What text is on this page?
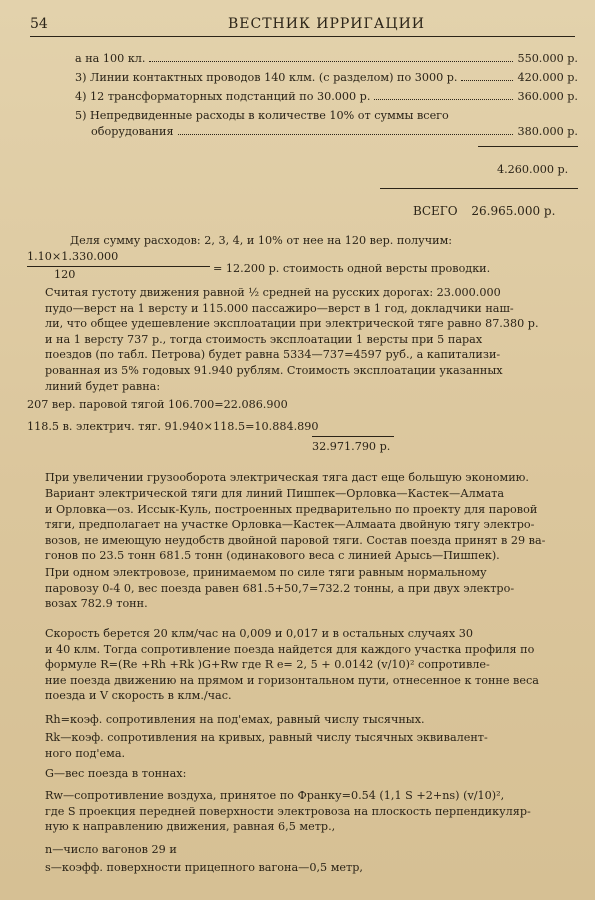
54	ВЕСТНИК ИРРИГАЦИИ
а на 100 кл.	550.000 р.
3) Линии контактных проводов 140 клм. (с разделом) по 3000 р.	420.000 р.
4) 12 трансформаторных подстанций по 30.000 р.	360.000 р.
5) Непредвиденные расходы в количестве 10% от суммы всего
оборудования	380.000 р.
4.260.000 р.
ВСЕГО 26.965.000 р.
Деля сумму расходов: 2, 3, 4, и 10% от нее на 120 вер. получим:
1.10×1.330.000
= 12.200 р. стоимость одной версты проводки.
120
Считая густоту движения равной ½ средней на русских дорогах: 23.000.000
пудо—верст на 1 версту и 115.000 пассажиро—верст в 1 год, докладчики наш-
ли, что общее удешевление эксплоатации при электрической тяге равно 87.380 р.
и на 1 версту 737 р., тогда стоимость эксплоатации 1 версты при 5 парах
поездов (по табл. Петрова) будет равна 5334—737=4597 руб., а капитализи-
рованная из 5% годовых 91.940 рублям. Стоимость эксплоатации указанных
линий будет равна:
207 вер. паровой тягой 106.700=22.086.900
118.5 в. электрич. тяг. 91.940×118.5=10.884.890
32.971.790 р.
При увеличении грузооборота электрическая тяга даст еще большую экономию.
Вариант электрической тяги для линий Пишпек—Орловка—Кастек—Алмата
и Орловка—оз. Иссык-Куль, построенных предварительно по проекту для паровой
тяги, предполагает на участке Орловка—Кастек—Алмаата двойную тягу электро-
возов, не имеющую неудобств двойной паровой тяги. Состав поезда принят в 29 ва-
гонов по 23.5 тонн 681.5 тонн (одинакового веса с линией Арысь—Пишпек).
При одном электровозе, принимаемом по силе тяги равным нормальному
паровозу 0-4 0, вес поезда равен 681.5+50,7=732.2 тонны, а при двух электро-
возах 782.9 тонн.
Скорость берется 20 клм/час на 0,009 и 0,017 и в остальных случаях 30
и 40 клм. Тогда сопротивление поезда найдется для каждого участка профиля по
формуле R=(Re +Rh +Rk )G+Rw где R e= 2, 5 + 0.0142 (v/10)² сопротивле-
ние поезда движению на прямом и горизонтальном пути, отнесенное к тонне веса
поезда и V скорость в клм./час.
Rh=коэф. сопротивления на под'емах, равный числу тысячных.
Rk—коэф. сопротивления на кривых, равный числу тысячных эквивалент-
ного под'ема.
G—вес поезда в тоннах:
Rw—сопротивление воздуха, принятое по Франку=0.54 (1,1 S +2+ns) (v/10)²,
где S проекция передней поверхности электровоза на плоскость перпендикуляр-
ную к направлению движения, равная 6,5 метр.,
n—число вагонов 29 и
s—коэфф. поверхности прицепного вагона—0,5 метр,
